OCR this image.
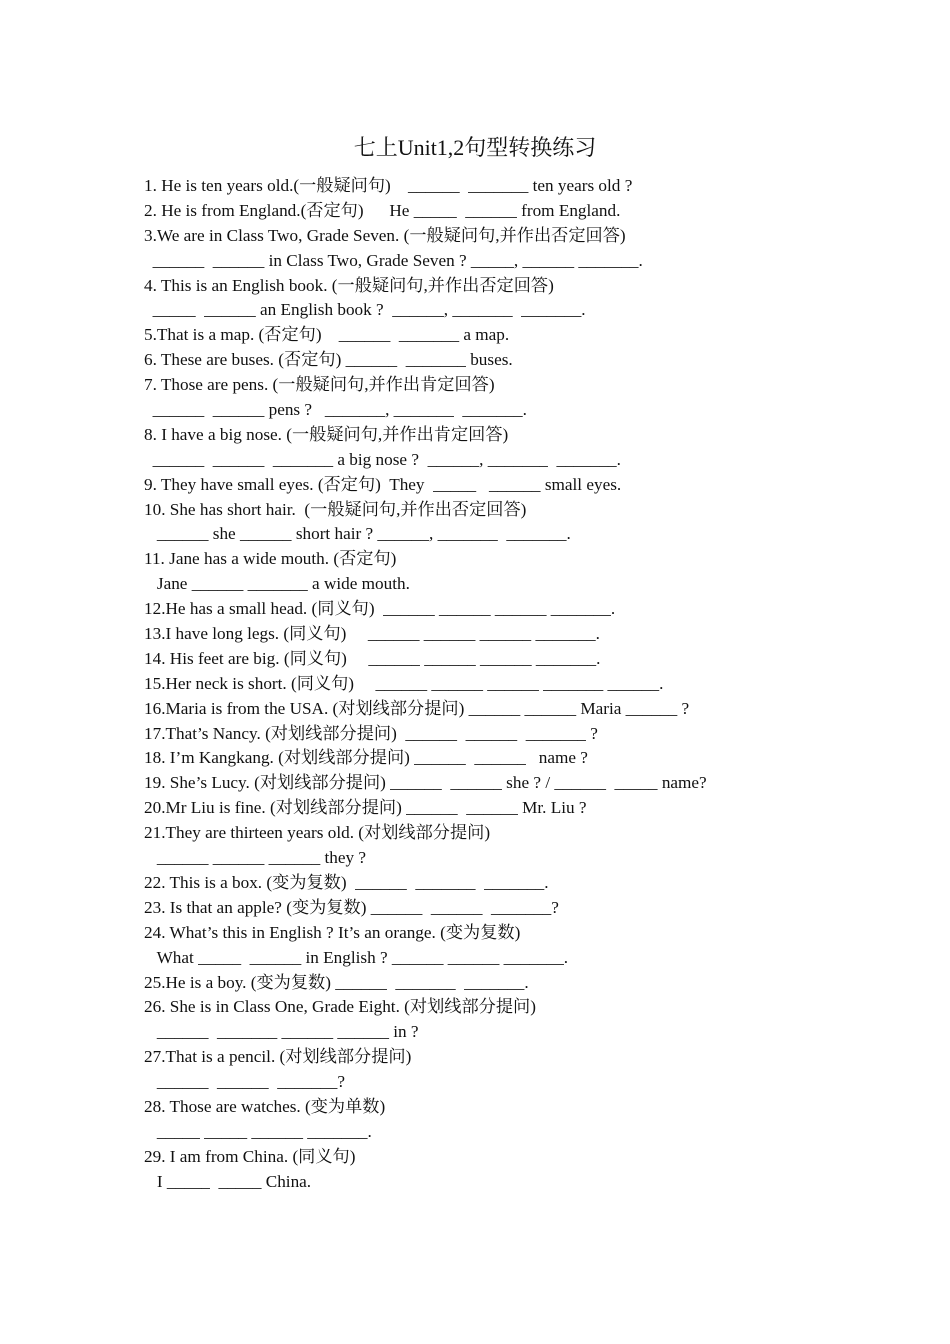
七上Unit1,2句型转换练习
1. He is ten years old.(一般疑问句)    ______  _______ ten years old ?
2. He is from England.(否定句)      He _____  ______ from England.
3.We are in Class Two, Grade Seven. (一般疑问句,并作出否定回答)
______  ______ in Class Two, Grade Seven ? _____, ______ _______.
4. This is an English book. (一般疑问句,并作出否定回答)
_____  ______ an English book ?  ______, _______  _______.
5.That is a map. (否定句)    ______  _______ a map.
6. These are buses. (否定句) ______  _______ buses.
7. Those are pens. (一般疑问句,并作出肯定回答)
______  ______ pens ?   _______, _______  _______.
8. I have a big nose. (一般疑问句,并作出肯定回答)
______  ______  _______ a big nose ?  ______, _______  _______.
9. They have small eyes. (否定句)  They  _____   ______ small eyes.
10. She has short hair.  (一般疑问句,并作出否定回答)
______ she ______ short hair ? ______, _______  _______.
11. Jane has a wide mouth. (否定句)
Jane ______ _______ a wide mouth.
12.He has a small head. (同义句)  ______ ______ ______ _______.
13.I have long legs. (同义句)     ______ ______ ______ _______.
14. His feet are big. (同义句)     ______ ______ ______ _______.
15.Her neck is short. (同义句)     ______ ______ ______ _______ ______.
16.Maria is from the USA. (对划线部分提问) ______ ______ Maria ______ ?
17.That’s Nancy. (对划线部分提问)  ______  ______  _______ ?
18. I’m Kangkang. (对划线部分提问) ______  ______   name ?
19. She’s Lucy. (对划线部分提问) ______  ______ she ? / ______  _____ name?
20.Mr Liu is fine. (对划线部分提问) ______  ______ Mr. Liu ?
21.They are thirteen years old. (对划线部分提问)
______ ______ ______ they ?
22. This is a box. (变为复数)  ______  _______  _______.
23. Is that an apple? (变为复数) ______  ______  _______?
24. What’s this in English ? It’s an orange. (变为复数)
What _____  ______ in English ? ______ ______ _______.
25.He is a boy. (变为复数) ______  _______  _______.
26. She is in Class One, Grade Eight. (对划线部分提问)
______  _______ ______ ______ in ?
27.That is a pencil. (对划线部分提问)
______  ______  _______?
28. Those are watches. (变为单数)
_____ _____ ______ _______.
29. I am from China. (同义句)
I _____  _____ China.
